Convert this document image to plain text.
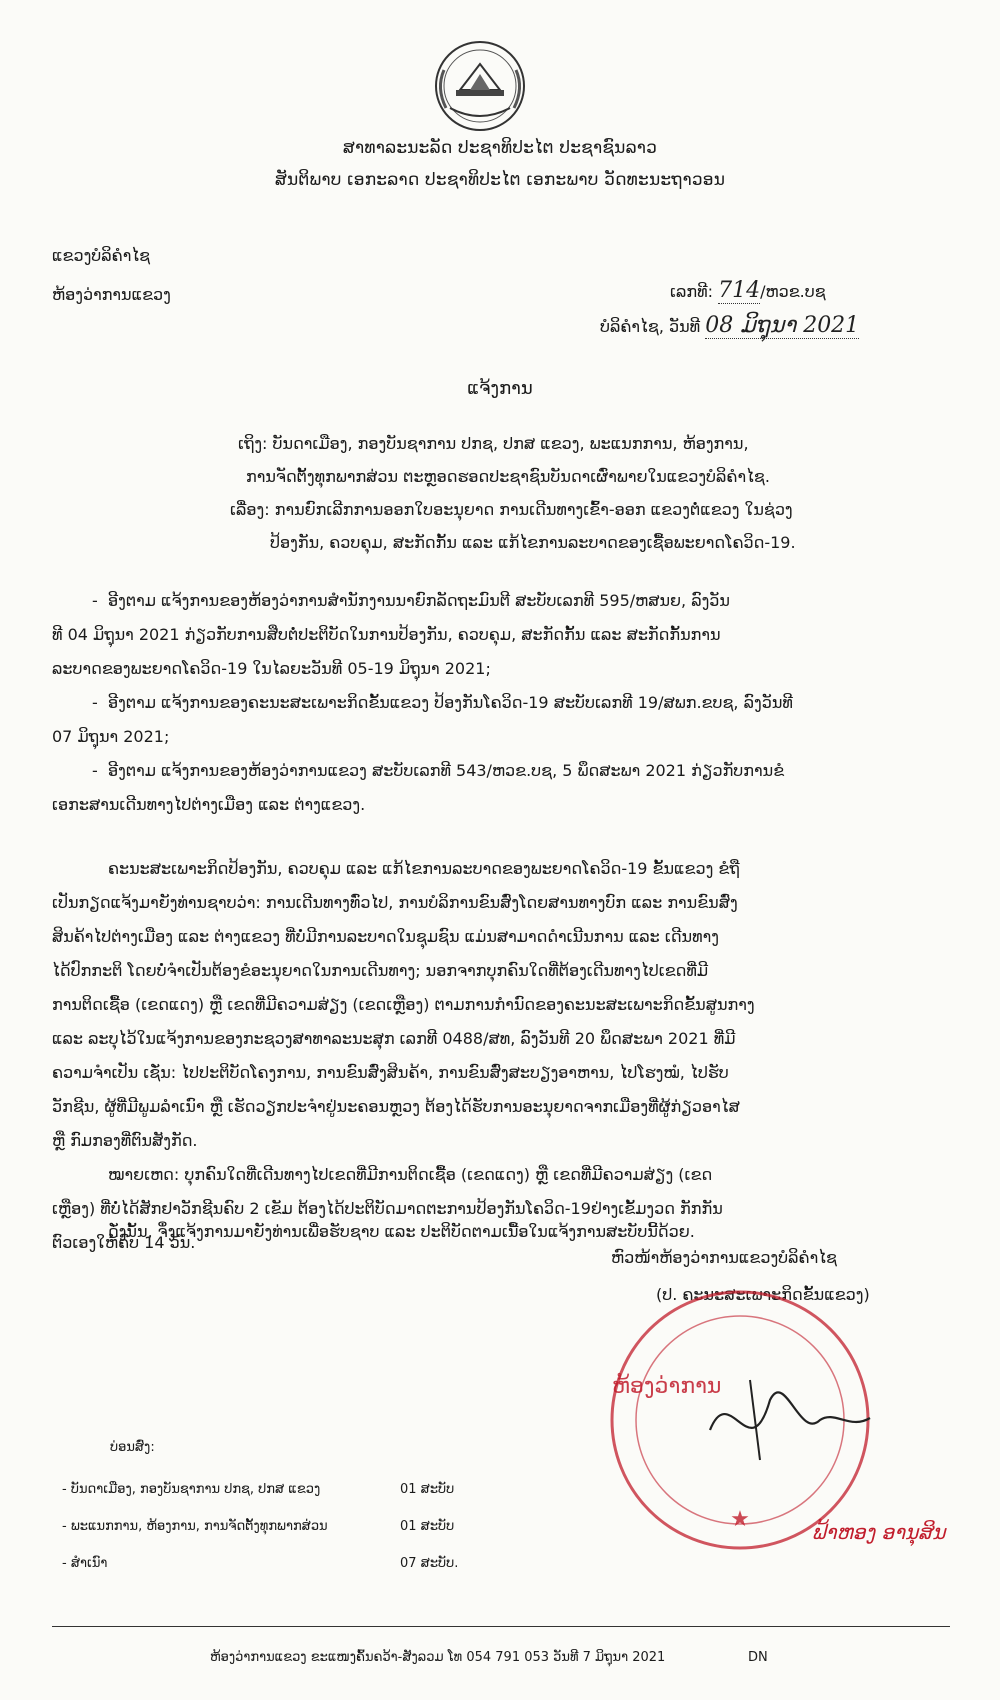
ສາທາລະນະລັດ ປະຊາທິປະໄຕ ປະຊາຊົນລາວ
ສັນຕິພາບ ເອກະລາດ ປະຊາທິປະໄຕ ເອກະພາບ ວັດທະນະຖາວອນ
ແຂວງບໍລິຄໍາໄຊ
ຫ້ອງວ່າການແຂວງ	ເລກທີ: 714/ຫວຂ.ບຊ
ບໍລິຄໍາໄຊ, ວັນທີ 08 ມິຖຸນາ 2021
ແຈ້ງການ
ເຖິງ: ບັນດາເມືອງ, ກອງບັນຊາການ ປກຊ, ປກສ ແຂວງ, ພະແນກການ, ຫ້ອງການ,
ການຈັດຕັ້ງທຸກພາກສ່ວນ ຕະຫຼອດຮອດປະຊາຊົນບັນດາເຜົ່າພາຍໃນແຂວງບໍລິຄໍາໄຊ.
ເລື່ອງ: ການຍົກເລີກການອອກໃບອະນຸຍາດ ການເດີນທາງເຂົ້າ-ອອກ ແຂວງຕໍ່ແຂວງ ໃນຊ່ວງ
ປ້ອງກັນ, ຄວບຄຸມ, ສະກັດກັ້ນ ແລະ ແກ້ໄຂການລະບາດຂອງເຊື້ອພະຍາດໂຄວິດ-19.

- ອີງຕາມ ແຈ້ງການຂອງຫ້ອງວ່າການສໍານັກງານນາຍົກລັດຖະມົນຕີ ສະບັບເລກທີ 595/ຫສນຍ, ລົງວັນ

ທີ 04 ມິຖຸນາ 2021 ກ່ຽວກັບການສືບຕໍ່ປະຕິບັດໃນການປ້ອງກັນ, ຄວບຄຸມ, ສະກັດກັ້ນ ແລະ ສະກັດກັ້ນການ

ລະບາດຂອງພະຍາດໂຄວິດ-19 ໃນໄລຍະວັນທີ 05-19 ມິຖຸນາ 2021;

- ອີງຕາມ ແຈ້ງການຂອງຄະນະສະເພາະກິດຂັ້ນແຂວງ ປ້ອງກັນໂຄວິດ-19 ສະບັບເລກທີ 19/ສພກ.ຂບຊ, ລົງວັນທີ

07 ມິຖຸນາ 2021;

- ອີງຕາມ ແຈ້ງການຂອງຫ້ອງວ່າການແຂວງ ສະບັບເລກທີ 543/ຫວຂ.ບຊ, 5 ພຶດສະພາ 2021 ກ່ຽວກັບການຂໍ

ເອກະສານເດີນທາງໄປຕ່າງເມືອງ ແລະ ຕ່າງແຂວງ.

ຄະນະສະເພາະກິດປ້ອງກັນ, ຄວບຄຸມ ແລະ ແກ້ໄຂການລະບາດຂອງພະຍາດໂຄວິດ-19 ຂັ້ນແຂວງ ຂໍຖື

ເປັນກຽດແຈ້ງມາຍັງທ່ານຊາບວ່າ: ການເດີນທາງທົ່ວໄປ, ການບໍລິການຂົນສົ່ງໂດຍສານທາງບົກ ແລະ ການຂົນສົ່ງ

ສິນຄ້າໄປຕ່າງເມືອງ ແລະ ຕ່າງແຂວງ ທີ່ບໍ່ມີການລະບາດໃນຊຸມຊົນ ແມ່ນສາມາດດໍາເນີນການ ແລະ ເດີນທາງ

ໄດ້ປົກກະຕິ ໂດຍບໍ່ຈໍາເປັນຕ້ອງຂໍອະນຸຍາດໃນການເດີນທາງ; ນອກຈາກບຸກຄົນໃດທີ່ຕ້ອງເດີນທາງໄປເຂດທີ່ມີ

ການຕິດເຊື້ອ (ເຂດແດງ) ຫຼື ເຂດທີ່ມີຄວາມສ່ຽງ (ເຂດເຫຼືອງ) ຕາມການກໍານົດຂອງຄະນະສະເພາະກິດຂັ້ນສູນກາງ

ແລະ ລະບຸໄວ້ໃນແຈ້ງການຂອງກະຊວງສາທາລະນະສຸກ ເລກທີ 0488/ສທ, ລົງວັນທີ 20 ພຶດສະພາ 2021 ທີ່ມີ

ຄວາມຈໍາເປັນ ເຊັ່ນ: ໄປປະຕິບັດໂຄງການ, ການຂົນສົ່ງສິນຄ້າ, ການຂົນສົ່ງສະບຽງອາຫານ, ໄປໂຮງໝໍ, ໄປຮັບ

ວັກຊີນ, ຜູ້ທີ່ມີພູມລໍາເນົາ ຫຼື ເຮັດວຽກປະຈໍາຢູ່ນະຄອນຫຼວງ ຕ້ອງໄດ້ຮັບການອະນຸຍາດຈາກເມືອງທີ່ຜູ້ກ່ຽວອາໄສ

ຫຼື ກົມກອງທີ່ຕົນສັງກັດ.

ໝາຍເຫດ: ບຸກຄົນໃດທີ່ເດີນທາງໄປເຂດທີ່ມີການຕິດເຊື້ອ (ເຂດແດງ) ຫຼື ເຂດທີ່ມີຄວາມສ່ຽງ (ເຂດ

ເຫຼືອງ) ທີ່ບໍ່ໄດ້ສັກຢາວັກຊີນຄົບ 2 ເຂັມ ຕ້ອງໄດ້ປະຕິບັດມາດຕະການປ້ອງກັນໂຄວິດ-19ຢ່າງເຂັ້ມງວດ ກັກກັນ

ຕົວເອງໃຫ້ຄົບ 14 ວັນ.

ດັ່ງນັ້ນ, ຈຶ່ງແຈ້ງການມາຍັງທ່ານເພື່ອຮັບຊາບ ແລະ ປະຕິບັດຕາມເນື້ອໃນແຈ້ງການສະບັບນີ້ດ້ວຍ.
ຫົວໜ້າຫ້ອງວ່າການແຂວງບໍລິຄໍາໄຊ
(ປ. ຄະນະສະເພາະກິດຂັ້ນແຂວງ)
★
ຫ້ອງວ່າການ
ຟ້າຫອງ ອານຸສິນ
ບ່ອນສົ່ງ:
- ບັນດາເມືອງ, ກອງບັນຊາການ ປກຊ, ປກສ ແຂວງ	01 ສະບັບ
- ພະແນກການ, ຫ້ອງການ, ການຈັດຕັ້ງທຸກພາກສ່ວນ	01 ສະບັບ
- ສໍາເນົາ	07 ສະບັບ.
ຫ້ອງວ່າການແຂວງ ຂະແໜງຄົ້ນຄວ້າ-ສັງລວມ ໂທ 054 791 053 ວັນທີ 7 ມິຖຸນາ 2021	DN
